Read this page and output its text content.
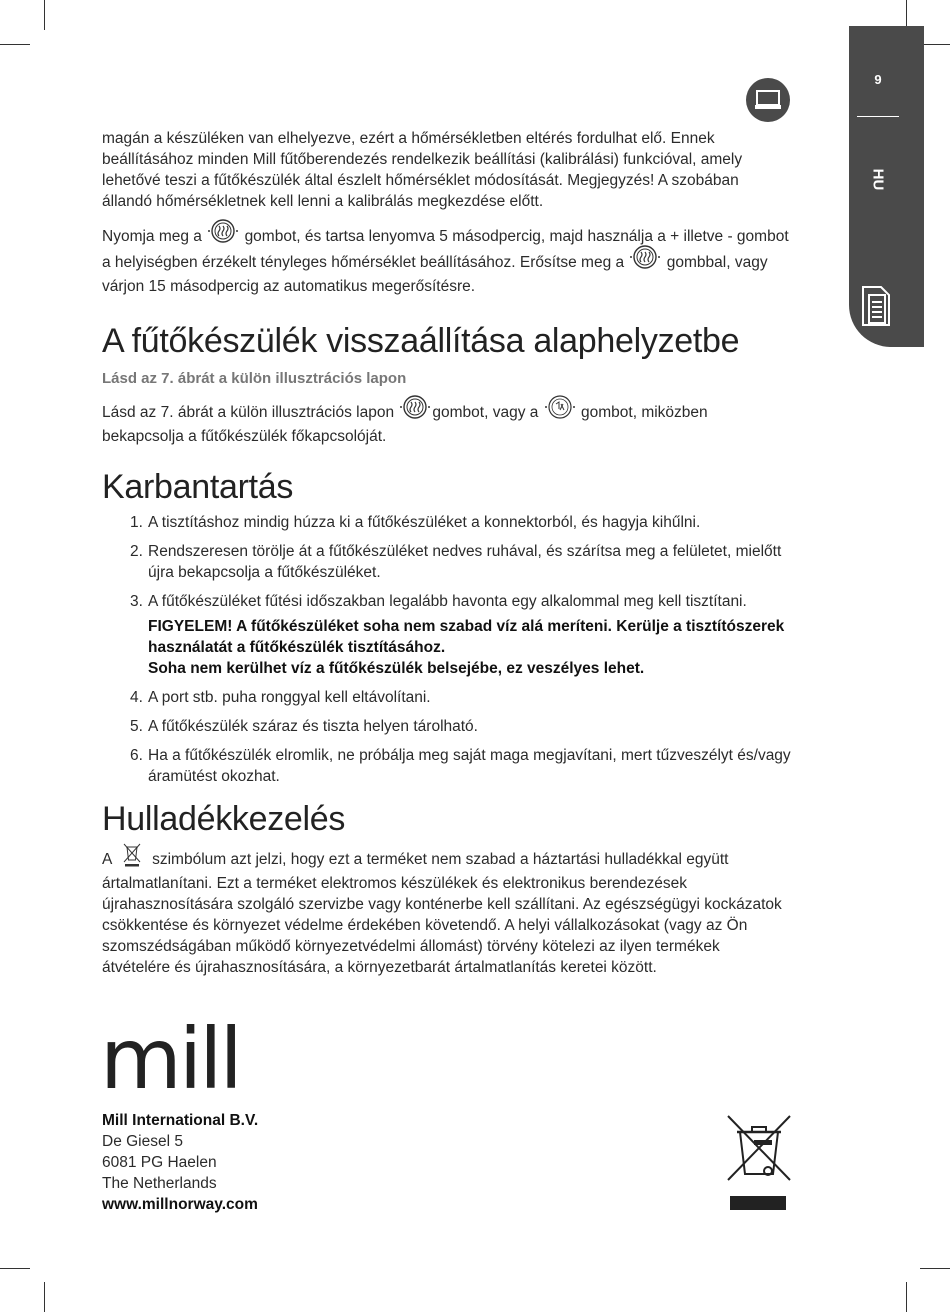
9
HU

magán a készüléken van elhelyezve, ezért a hőmérsékletben eltérés fordulhat elő. Ennek beállításához minden Mill fűtőberendezés rendelkezik beállítási (kalibrálási) funkcióval, amely lehetővé teszi a fűtőkészülék által észlelt hőmérséklet módosítását. Megjegyzés! A szobában állandó hőmérsékletnek kell lenni a kalibrálás megkezdése előtt.

Nyomja meg a	gombot, és tartsa lenyomva 5 másodpercig, majd használja a + illetve - gombot a helyiségben érzékelt tényleges hőmérséklet beállításához. Erősítse meg a	gombbal, vagy várjon 15 másodpercig az automatikus megerősítésre.

A fűtőkészülék visszaállítása alaphelyzetbe
Lásd az 7. ábrát a külön illusztrációs lapon

Lásd az 7. ábrát a külön illusztrációs lapon gombot, vagy a	gombot, miközben bekapcsolja a fűtőkészülék főkapcsolóját.

Karbantartás
1. A tisztításhoz mindig húzza ki a fűtőkészüléket a konnektorból, és hagyja kihűlni.
2. Rendszeresen törölje át a fűtőkészüléket nedves ruhával, és szárítsa meg a felületet, mielőtt újra bekapcsolja a fűtőkészüléket.
3. A fűtőkészüléket fűtési időszakban legalább havonta egy alkalommal meg kell tisztítani.
FIGYELEM! A fűtőkészüléket soha nem szabad víz alá meríteni. Kerülje a tisztítószerek használatát a fűtőkészülék tisztításához.
Soha nem kerülhet víz a fűtőkészülék belsejébe, ez veszélyes lehet.
4. A port stb. puha ronggyal kell eltávolítani.
5. A fűtőkészülék száraz és tiszta helyen tárolható.
6. Ha a fűtőkészülék elromlik, ne próbálja meg saját maga megjavítani, mert tűzveszélyt és/vagy áramütést okozhat.
Hulladékkezelés

A	szimbólum azt jelzi, hogy ezt a terméket nem szabad a háztartási hulladékkal együtt ártalmatlanítani. Ezt a terméket elektromos készülékek és elektronikus berendezések újrahasznosítására szolgáló szervizbe vagy konténerbe kell szállítani. Az egészségügyi kockázatok csökkentése és környezet védelme érdekében követendő. A helyi vállalkozásokat (vagy az Ön szomszédságában működő környezetvédelmi állomást) törvény kötelezi az ilyen termékek átvételére és újrahasznosítására, a környezetbarát ártalmatlanítás keretei között.

mill
Mill International B.V.
De Giesel 5
6081 PG Haelen
The Netherlands
www.millnorway.com
